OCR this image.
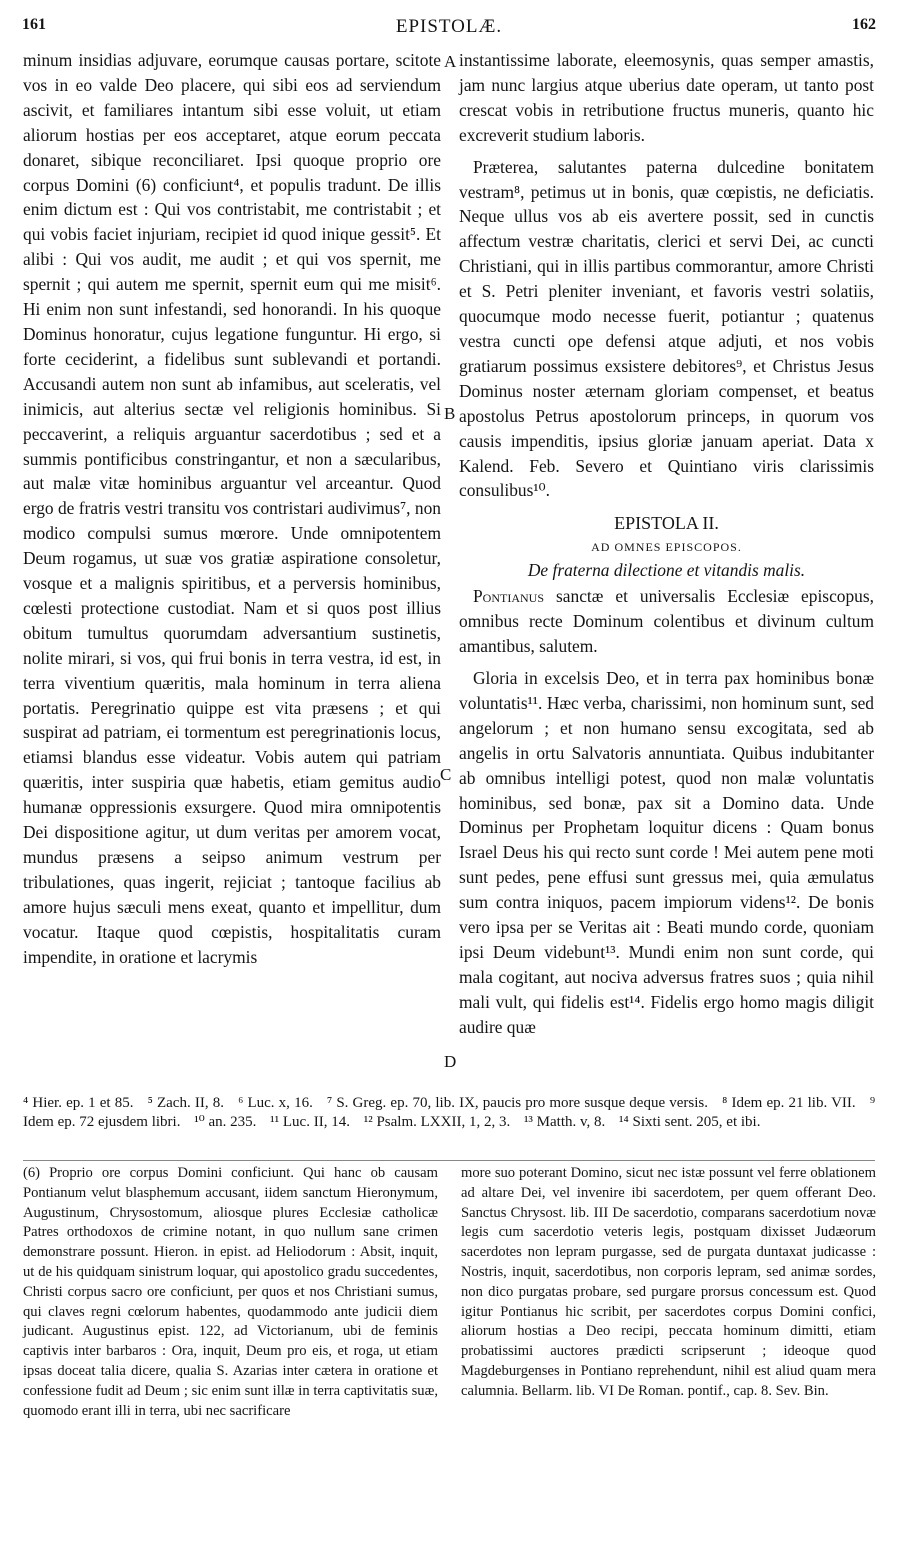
161	EPISTOLÆ.	162
A
B
C
D

minum insidias adjuvare, eorumque causas portare, scitote vos in eo valde Deo placere, qui sibi eos ad serviendum ascivit, et familiares intantum sibi esse voluit, ut etiam aliorum hostias per eos acceptaret, atque eorum peccata donaret, sibique reconciliaret. Ipsi quoque proprio ore corpus Domini (6) conficiunt⁴, et populis tradunt. De illis enim dictum est : Qui vos contristabit, me contristabit ; et qui vobis faciet injuriam, recipiet id quod inique gessit⁵. Et alibi : Qui vos audit, me audit ; et qui vos spernit, me spernit ; qui autem me spernit, spernit eum qui me misit⁶. Hi enim non sunt infestandi, sed honorandi. In his quoque Dominus honoratur, cujus legatione funguntur. Hi ergo, si forte ceciderint, a fidelibus sunt sublevandi et portandi. Accusandi autem non sunt ab infamibus, aut sceleratis, vel inimicis, aut alterius sectæ vel religionis hominibus. Si peccaverint, a reliquis arguantur sacerdotibus ; sed et a summis pontificibus constringantur, et non a sæcularibus, aut malæ vitæ hominibus arguantur vel arceantur. Quod ergo de fratris vestri transitu vos contristari audivimus⁷, non modico compulsi sumus mœrore. Unde omnipotentem Deum rogamus, ut suæ vos gratiæ aspiratione consoletur, vosque et a malignis spiritibus, et a perversis hominibus, cœlesti protectione custodiat. Nam et si quos post illius obitum tumultus quorumdam adversantium sustinetis, nolite mirari, si vos, qui frui bonis in terra vestra, id est, in terra viventium quæritis, mala hominum in terra aliena portatis. Peregrinatio quippe est vita præsens ; et qui suspirat ad patriam, ei tormentum est peregrinationis locus, etiamsi blandus esse videatur. Vobis autem qui patriam quæritis, inter suspiria quæ habetis, etiam gemitus audio humanæ oppressionis exsurgere. Quod mira omnipotentis Dei dispositione agitur, ut dum veritas per amorem vocat, mundus præsens a seipso animum vestrum per tribulationes, quas ingerit, rejiciat ; tantoque facilius ab amore hujus sæculi mens exeat, quanto et impellitur, dum vocatur. Itaque quod cœpistis, hospitalitatis curam impendite, in oratione et lacrymis

instantissime laborate, eleemosynis, quas semper amastis, jam nunc largius atque uberius date operam, ut tanto post crescat vobis in retributione fructus muneris, quanto hic excreverit studium laboris.

Præterea, salutantes paterna dulcedine bonitatem vestram⁸, petimus ut in bonis, quæ cœpistis, ne deficiatis. Neque ullus vos ab eis avertere possit, sed in cunctis affectum vestræ charitatis, clerici et servi Dei, ac cuncti Christiani, qui in illis partibus commorantur, amore Christi et S. Petri pleniter inveniant, et favoris vestri solatiis, quocumque modo necesse fuerit, potiantur ; quatenus vestra cuncti ope defensi atque adjuti, et nos vobis gratiarum possimus exsistere debitores⁹, et Christus Jesus Dominus noster æternam gloriam compenset, et beatus apostolus Petrus apostolorum princeps, in quorum vos causis impenditis, ipsius gloriæ januam aperiat. Data x Kalend. Feb. Severo et Quintiano viris clarissimis consulibus¹⁰.

EPISTOLA II.
AD OMNES EPISCOPOS.
De fraterna dilectione et vitandis malis.

Pontianus sanctæ et universalis Ecclesiæ episcopus, omnibus recte Dominum colentibus et divinum cultum amantibus, salutem.

Gloria in excelsis Deo, et in terra pax hominibus bonæ voluntatis¹¹. Hæc verba, charissimi, non hominum sunt, sed angelorum ; et non humano sensu excogitata, sed ab angelis in ortu Salvatoris annuntiata. Quibus indubitanter ab omnibus intelligi potest, quod non malæ voluntatis hominibus, sed bonæ, pax sit a Domino data. Unde Dominus per Prophetam loquitur dicens : Quam bonus Israel Deus his qui recto sunt corde ! Mei autem pene moti sunt pedes, pene effusi sunt gressus mei, quia æmulatus sum contra iniquos, pacem impiorum videns¹². De bonis vero ipsa per se Veritas ait : Beati mundo corde, quoniam ipsi Deum videbunt¹³. Mundi enim non sunt corde, qui mala cogitant, aut nociva adversus fratres suos ; quia nihil mali vult, qui fidelis est¹⁴. Fidelis ergo homo magis diligit audire quæ

⁴ Hier. ep. 1 et 85. ⁵ Zach. II, 8. ⁶ Luc. x, 16. ⁷ S. Greg. ep. 70, lib. IX, paucis pro more susque deque versis. ⁸ Idem ep. 21 lib. VII. ⁹ Idem ep. 72 ejusdem libri. ¹⁰ an. 235. ¹¹ Luc. II, 14. ¹² Psalm. LXXII, 1, 2, 3. ¹³ Matth. v, 8. ¹⁴ Sixti sent. 205, et ibi.

(6) Proprio ore corpus Domini conficiunt. Qui hanc ob causam Pontianum velut blasphemum accusant, iidem sanctum Hieronymum, Augustinum, Chrysostomum, aliosque plures Ecclesiæ catholicæ Patres orthodoxos de crimine notant, in quo nullum sane crimen demonstrare possunt. Hieron. in epist. ad Heliodorum : Absit, inquit, ut de his quidquam sinistrum loquar, qui apostolico gradu succedentes, Christi corpus sacro ore conficiunt, per quos et nos Christiani sumus, qui claves regni cœlorum habentes, quodammodo ante judicii diem judicant. Augustinus epist. 122, ad Victorianum, ubi de feminis captivis inter barbaros : Ora, inquit, Deum pro eis, et roga, ut etiam ipsas doceat talia dicere, qualia S. Azarias inter cætera in oratione et confessione fudit ad Deum ; sic enim sunt illæ in terra captivitatis suæ, quomodo erant illi in terra, ubi nec sacrificare

more suo poterant Domino, sicut nec istæ possunt vel ferre oblationem ad altare Dei, vel invenire ibi sacerdotem, per quem offerant Deo. Sanctus Chrysost. lib. III De sacerdotio, comparans sacerdotium novæ legis cum sacerdotio veteris legis, postquam dixisset Judæorum sacerdotes non lepram purgasse, sed de purgata duntaxat judicasse : Nostris, inquit, sacerdotibus, non corporis lepram, sed animæ sordes, non dico purgatas probare, sed purgare prorsus concessum est. Quod igitur Pontianus hic scribit, per sacerdotes corpus Domini confici, aliorum hostias a Deo recipi, peccata hominum dimitti, etiam probatissimi auctores prædicti scripserunt ; ideoque quod Magdeburgenses in Pontiano reprehendunt, nihil est aliud quam mera calumnia. Bellarm. lib. VI De Roman. pontif., cap. 8. Sev. Bin.
